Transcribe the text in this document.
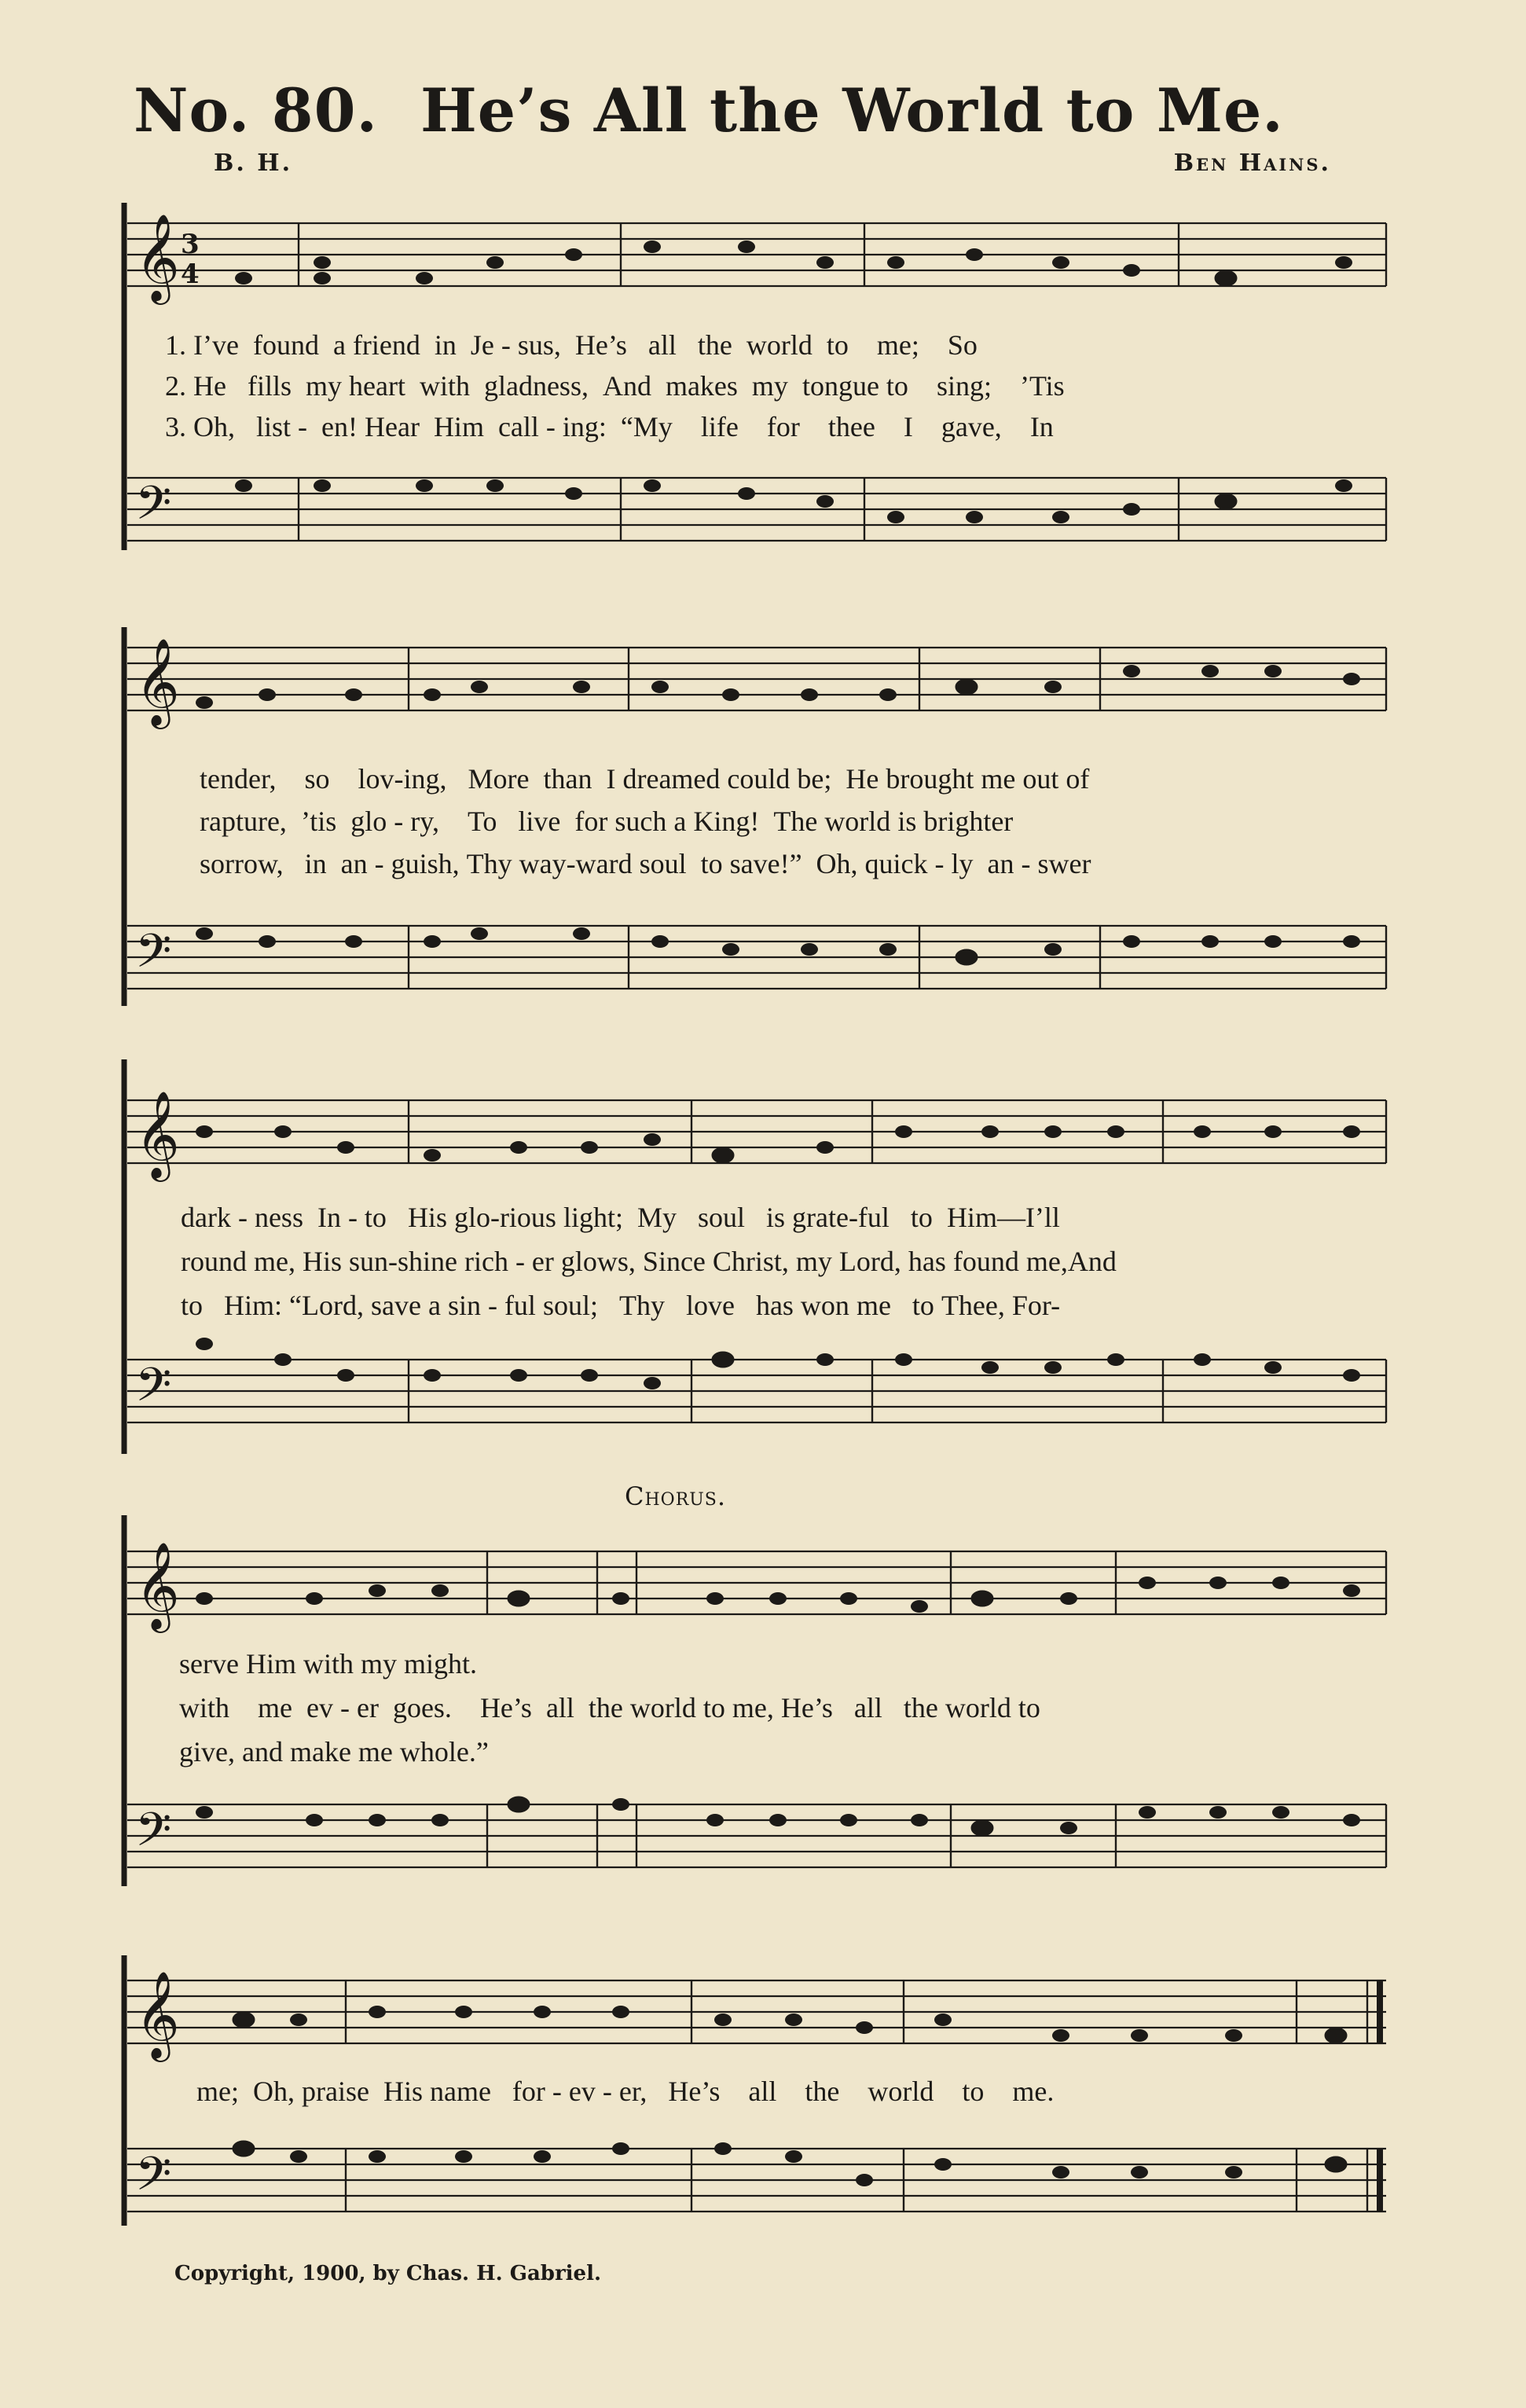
No. 80. He’s All the World to Me.
B. H.	Ben Hains.
𝄞
𝄢
3
4
1. I’ve found a friend in Je - sus, He’s all the world to me; So
2. He fills my heart with gladness, And makes my tongue to sing; ’Tis
3. Oh, list - en! Hear Him call - ing: “My life for thee I gave, In
𝄞
𝄢
tender, so lov-ing, More than I dreamed could be; He brought me out of
rapture, ’tis glo - ry, To live for such a King! The world is brighter
sorrow, in an - guish, Thy way-ward soul to save!” Oh, quick - ly an - swer
𝄞
𝄢
dark - ness In - to His glo-rious light; My soul is grate-ful to Him—I’ll
round me, His sun-shine rich - er glows, Since Christ, my Lord, has found me,And
to Him: “Lord, save a sin - ful soul; Thy love has won me to Thee, For-
Chorus.
𝄞
𝄢
serve Him with my might.
with me ev - er goes. He’s all the world to me, He’s all the world to
give, and make me whole.”
𝄞
𝄢
me; Oh, praise His name for - ev - er, He’s all the world to me.
Copyright, 1900, by Chas. H. Gabriel.
